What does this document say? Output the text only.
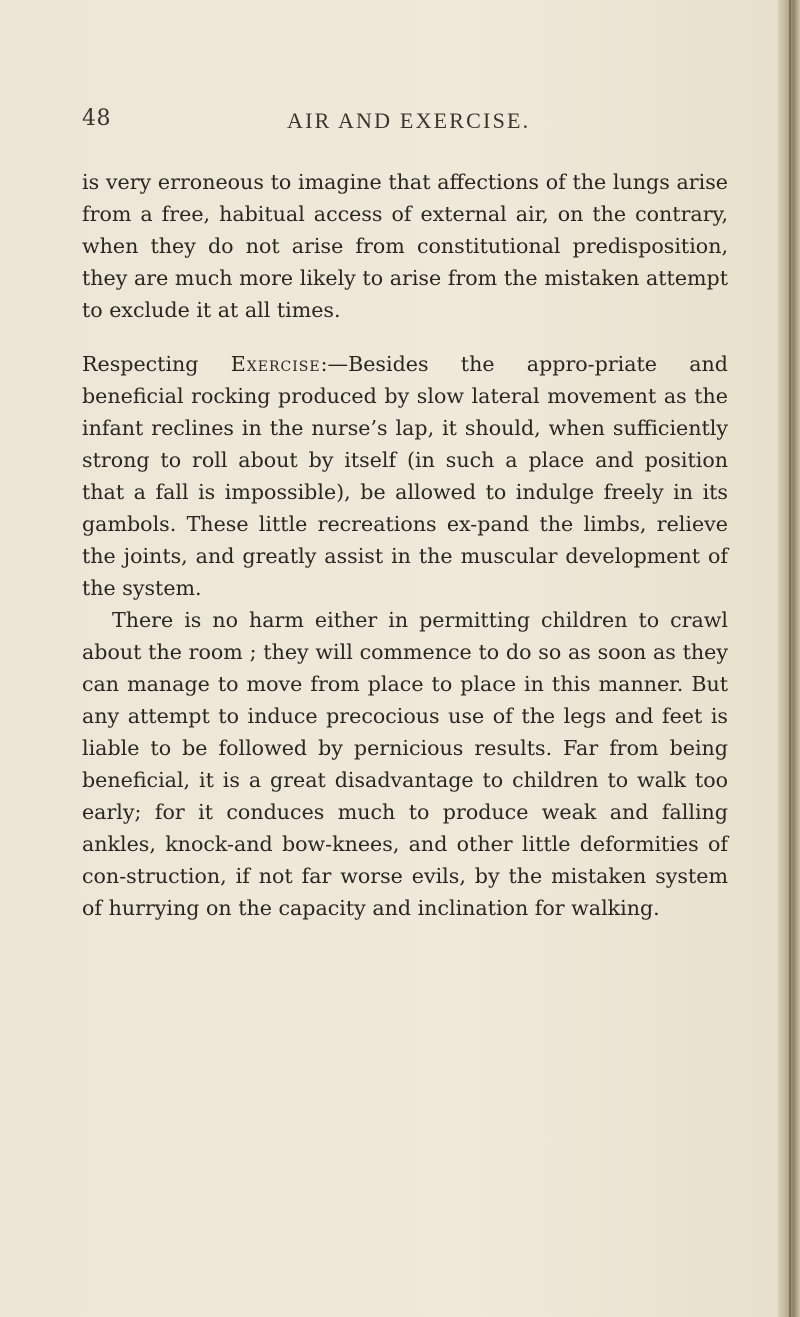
48	AIR AND EXERCISE.

is very erroneous to imagine that affections of the lungs arise from a free, habitual access of external air, on the contrary, when they do not arise from constitutional predisposition, they are much more likely to arise from the mistaken attempt to exclude it at all times.

Respecting Exercise:—Besides the appro-priate and beneficial rocking produced by slow lateral movement as the infant reclines in the nurse’s lap, it should, when sufficiently strong to roll about by itself (in such a place and position that a fall is impossible), be allowed to indulge freely in its gambols. These little recreations ex-pand the limbs, relieve the joints, and greatly assist in the muscular development of the system.

There is no harm either in permitting children to crawl about the room ; they will commence to do so as soon as they can manage to move from place to place in this manner. But any attempt to induce precocious use of the legs and feet is liable to be followed by pernicious results. Far from being beneficial, it is a great disadvantage to children to walk too early; for it conduces much to produce weak and falling ankles, knock-and bow-knees, and other little deformities of con-struction, if not far worse evils, by the mistaken system of hurrying on the capacity and inclination for walking.
